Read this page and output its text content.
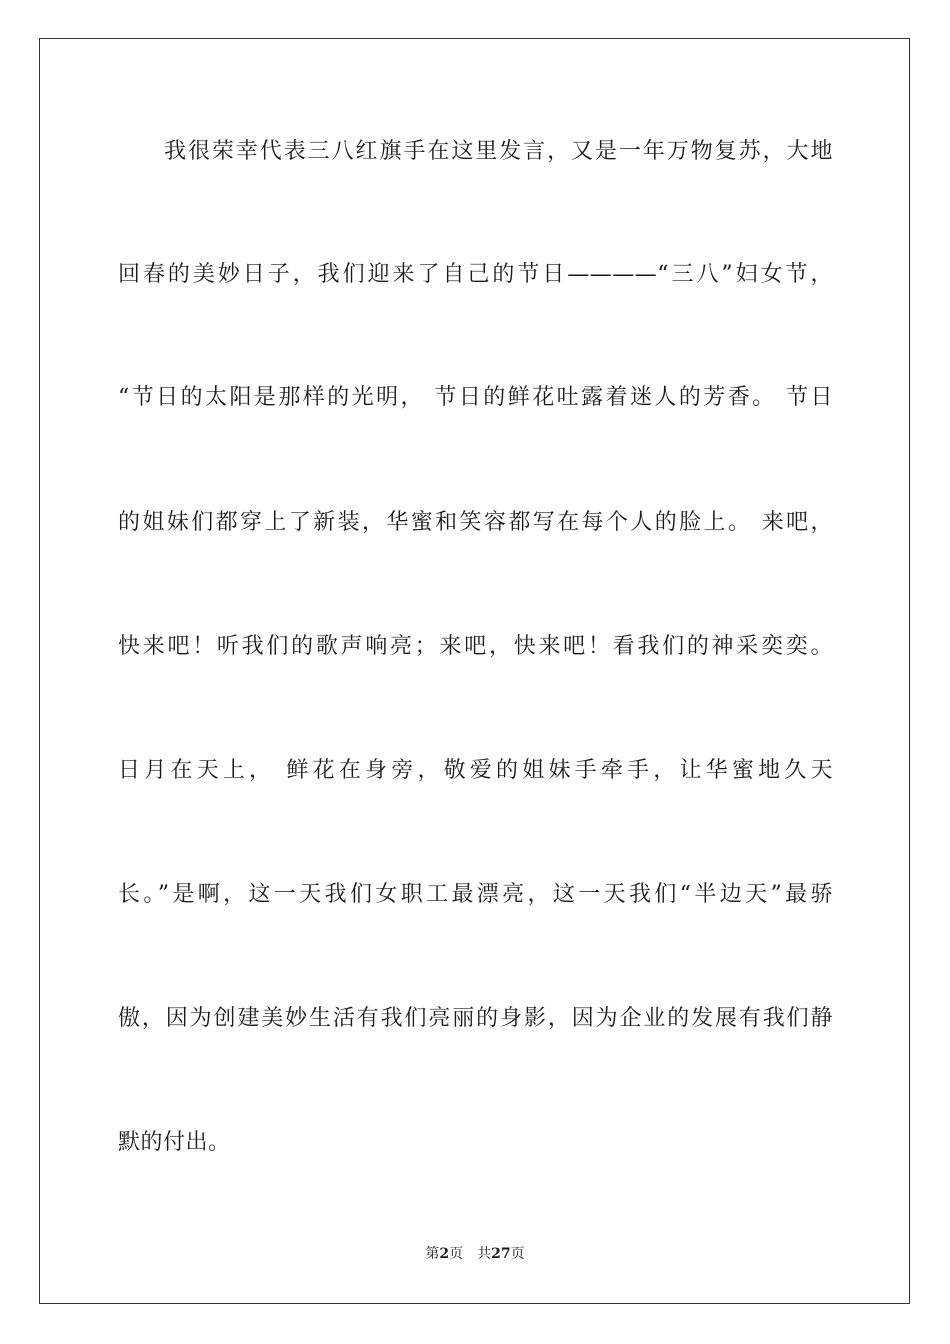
我很荣幸代表三八红旗手在这里发言，又是一年万物复苏，大地
回春的美妙日子，我们迎来了自己的节日————“三八”妇女节，
“节日的太阳是那样的光明， 节日的鲜花吐露着迷人的芳香。 节日
的姐妹们都穿上了新装，华蜜和笑容都写在每个人的脸上。 来吧，
快来吧！听我们的歌声响亮；来吧，快来吧！看我们的神采奕奕。
日月在天上， 鲜花在身旁，敬爱的姐妹手牵手，让华蜜地久天
长。”是啊，这一天我们女职工最漂亮，这一天我们“半边天”最骄
傲，因为创建美妙生活有我们亮丽的身影，因为企业的发展有我们静
默的付出。
第2页 共27页
